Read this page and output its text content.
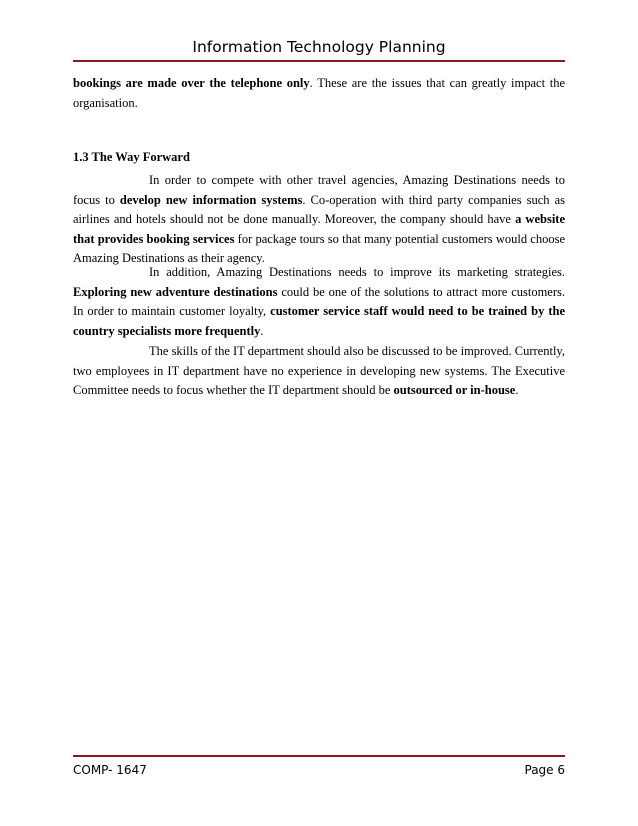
Information Technology Planning

bookings are made over the telephone only. These are the issues that can greatly impact the organisation.

1.3 The Way Forward

In order to compete with other travel agencies, Amazing Destinations needs to focus to develop new information systems. Co-operation with third party companies such as airlines and hotels should not be done manually. Moreover, the company should have a website that provides booking services for package tours so that many potential customers would choose Amazing Destinations as their agency.

In addition, Amazing Destinations needs to improve its marketing strategies. Exploring new adventure destinations could be one of the solutions to attract more customers. In order to maintain customer loyalty, customer service staff would need to be trained by the country specialists more frequently.

The skills of the IT department should also be discussed to be improved. Currently, two employees in IT department have no experience in developing new systems. The Executive Committee needs to focus whether the IT department should be outsourced or in-house.

COMP- 1647	Page 6
